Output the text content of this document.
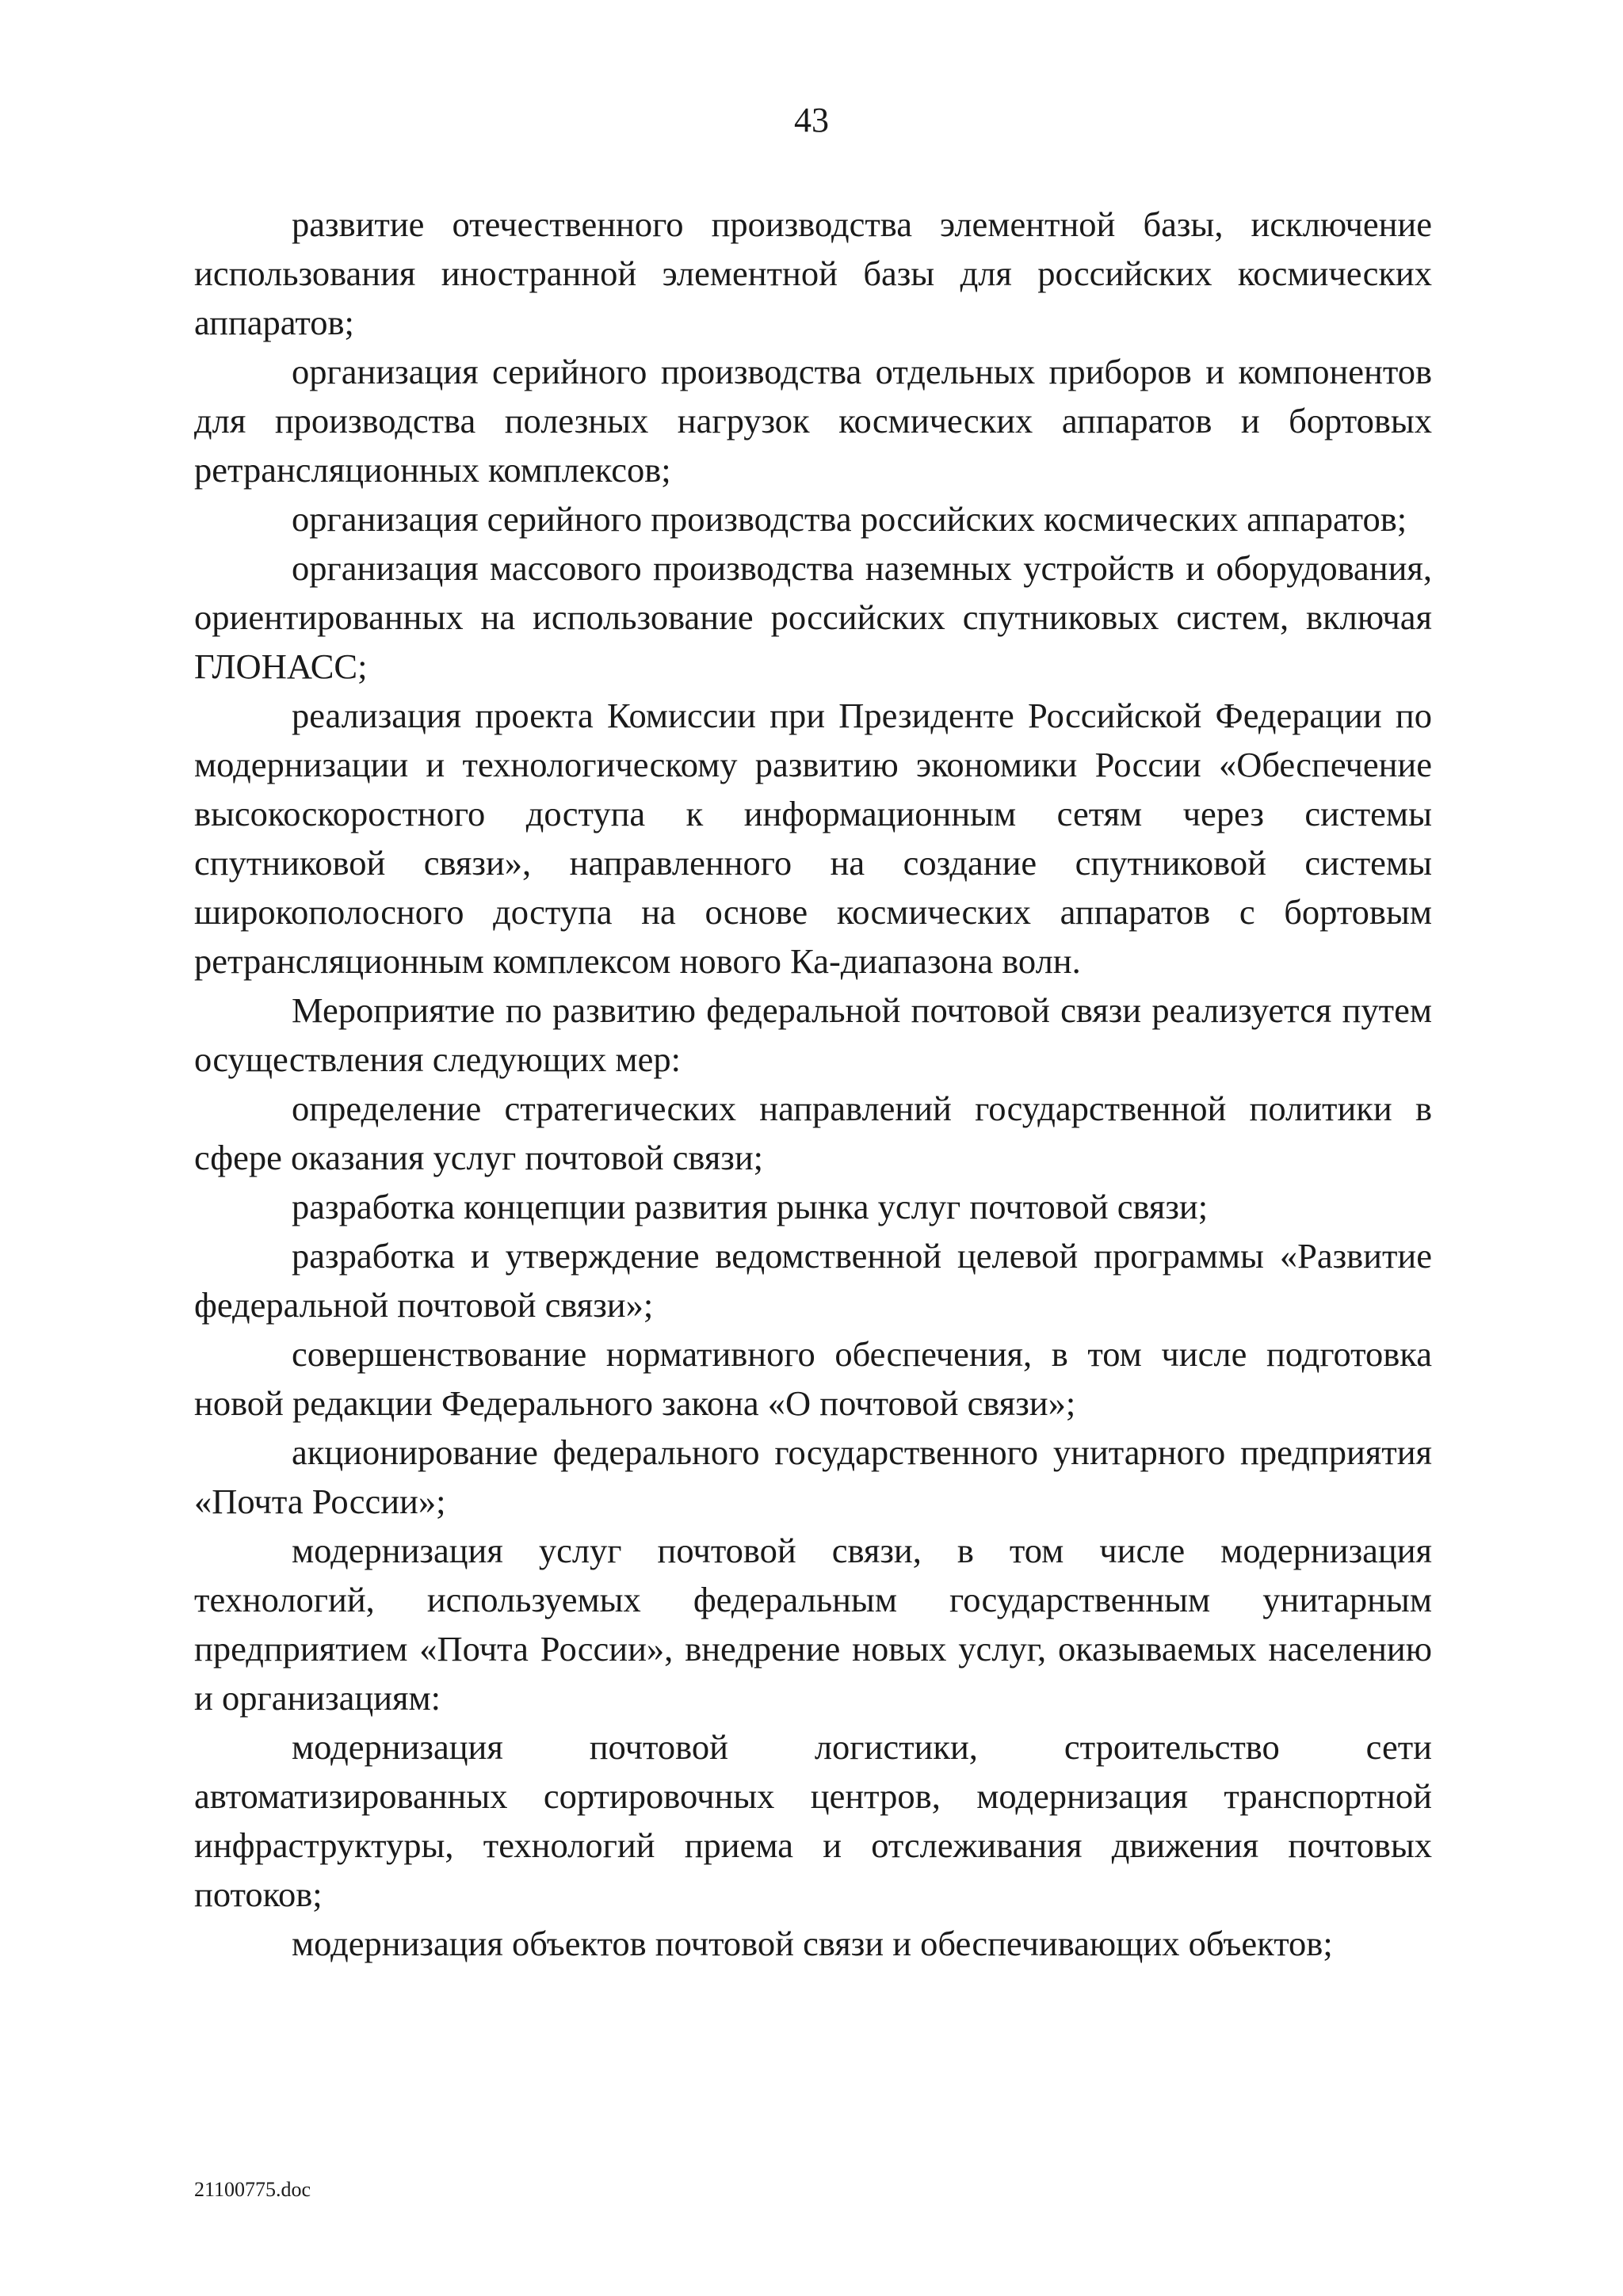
43

развитие отечественного производства элементной базы, исключение использования иностранной элементной базы для российских космических аппаратов;

организация серийного производства отдельных приборов и компонентов для производства полезных нагрузок космических аппаратов и бортовых ретрансляционных комплексов;

организация серийного производства российских космических аппаратов;

организация массового производства наземных устройств и оборудования, ориентированных на использование российских спутниковых систем, включая ГЛОНАСС;

реализация проекта Комиссии при Президенте Российской Федерации по модернизации и технологическому развитию экономики России «Обеспечение высокоскоростного доступа к информационным сетям через системы спутниковой связи», направленного на создание спутниковой системы широкополосного доступа на основе космических аппаратов с бортовым ретрансляционным комплексом нового Ка-диапазона волн.

Мероприятие по развитию федеральной почтовой связи реализуется путем осуществления следующих мер:

определение стратегических направлений государственной политики в сфере оказания услуг почтовой связи;

разработка концепции развития рынка услуг почтовой связи;

разработка и утверждение ведомственной целевой программы «Развитие федеральной почтовой связи»;

совершенствование нормативного обеспечения, в том числе подготовка новой редакции Федерального закона «О почтовой связи»;

акционирование федерального государственного унитарного предприятия «Почта России»;

модернизация услуг почтовой связи, в том числе модернизация технологий, используемых федеральным государственным унитарным предприятием «Почта России», внедрение новых услуг, оказываемых населению и организациям:

модернизация почтовой логистики, строительство сети автоматизированных сортировочных центров, модернизация транспортной инфраструктуры, технологий приема и отслеживания движения почтовых потоков;

модернизация объектов почтовой связи и обеспечивающих объектов;

21100775.doc
